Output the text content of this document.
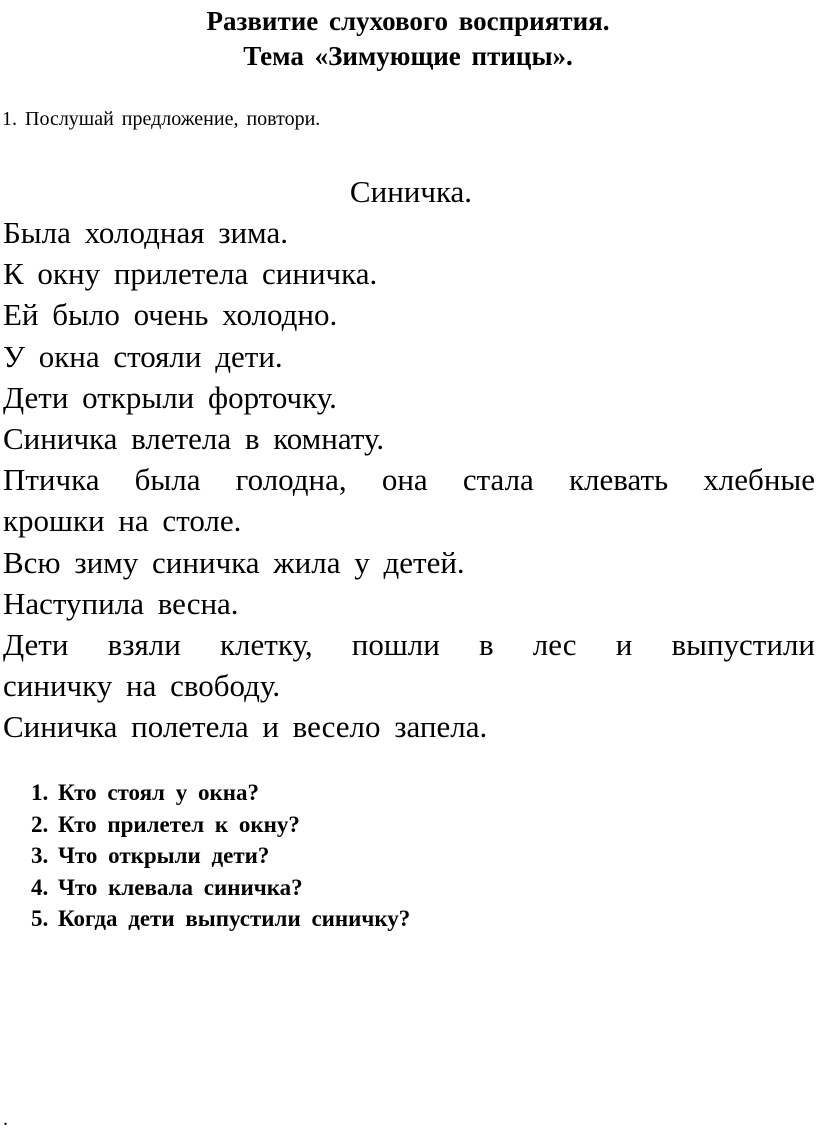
Развитие слухового восприятия.
Тема «Зимующие птицы».

1. Послушай предложение, повтори.

Синичка.

Была холодная зима.
К окну прилетела синичка.
Ей было очень холодно.
У окна стояли дети.
Дети открыли форточку.
Синичка влетела в комнату.
Птичка была голодна, она стала клевать хлебные
крошки на столе.
Всю зиму синичка жила у детей.
Наступила весна.
Дети взяли клетку, пошли в лес и выпустили
синичку на свободу.
Синичка полетела и весело запела.
1. Кто стоял у окна?
2. Кто прилетел к окну?
3. Что открыли дети?
4. Что клевала синичка?
5. Когда дети выпустили синичку?

.
